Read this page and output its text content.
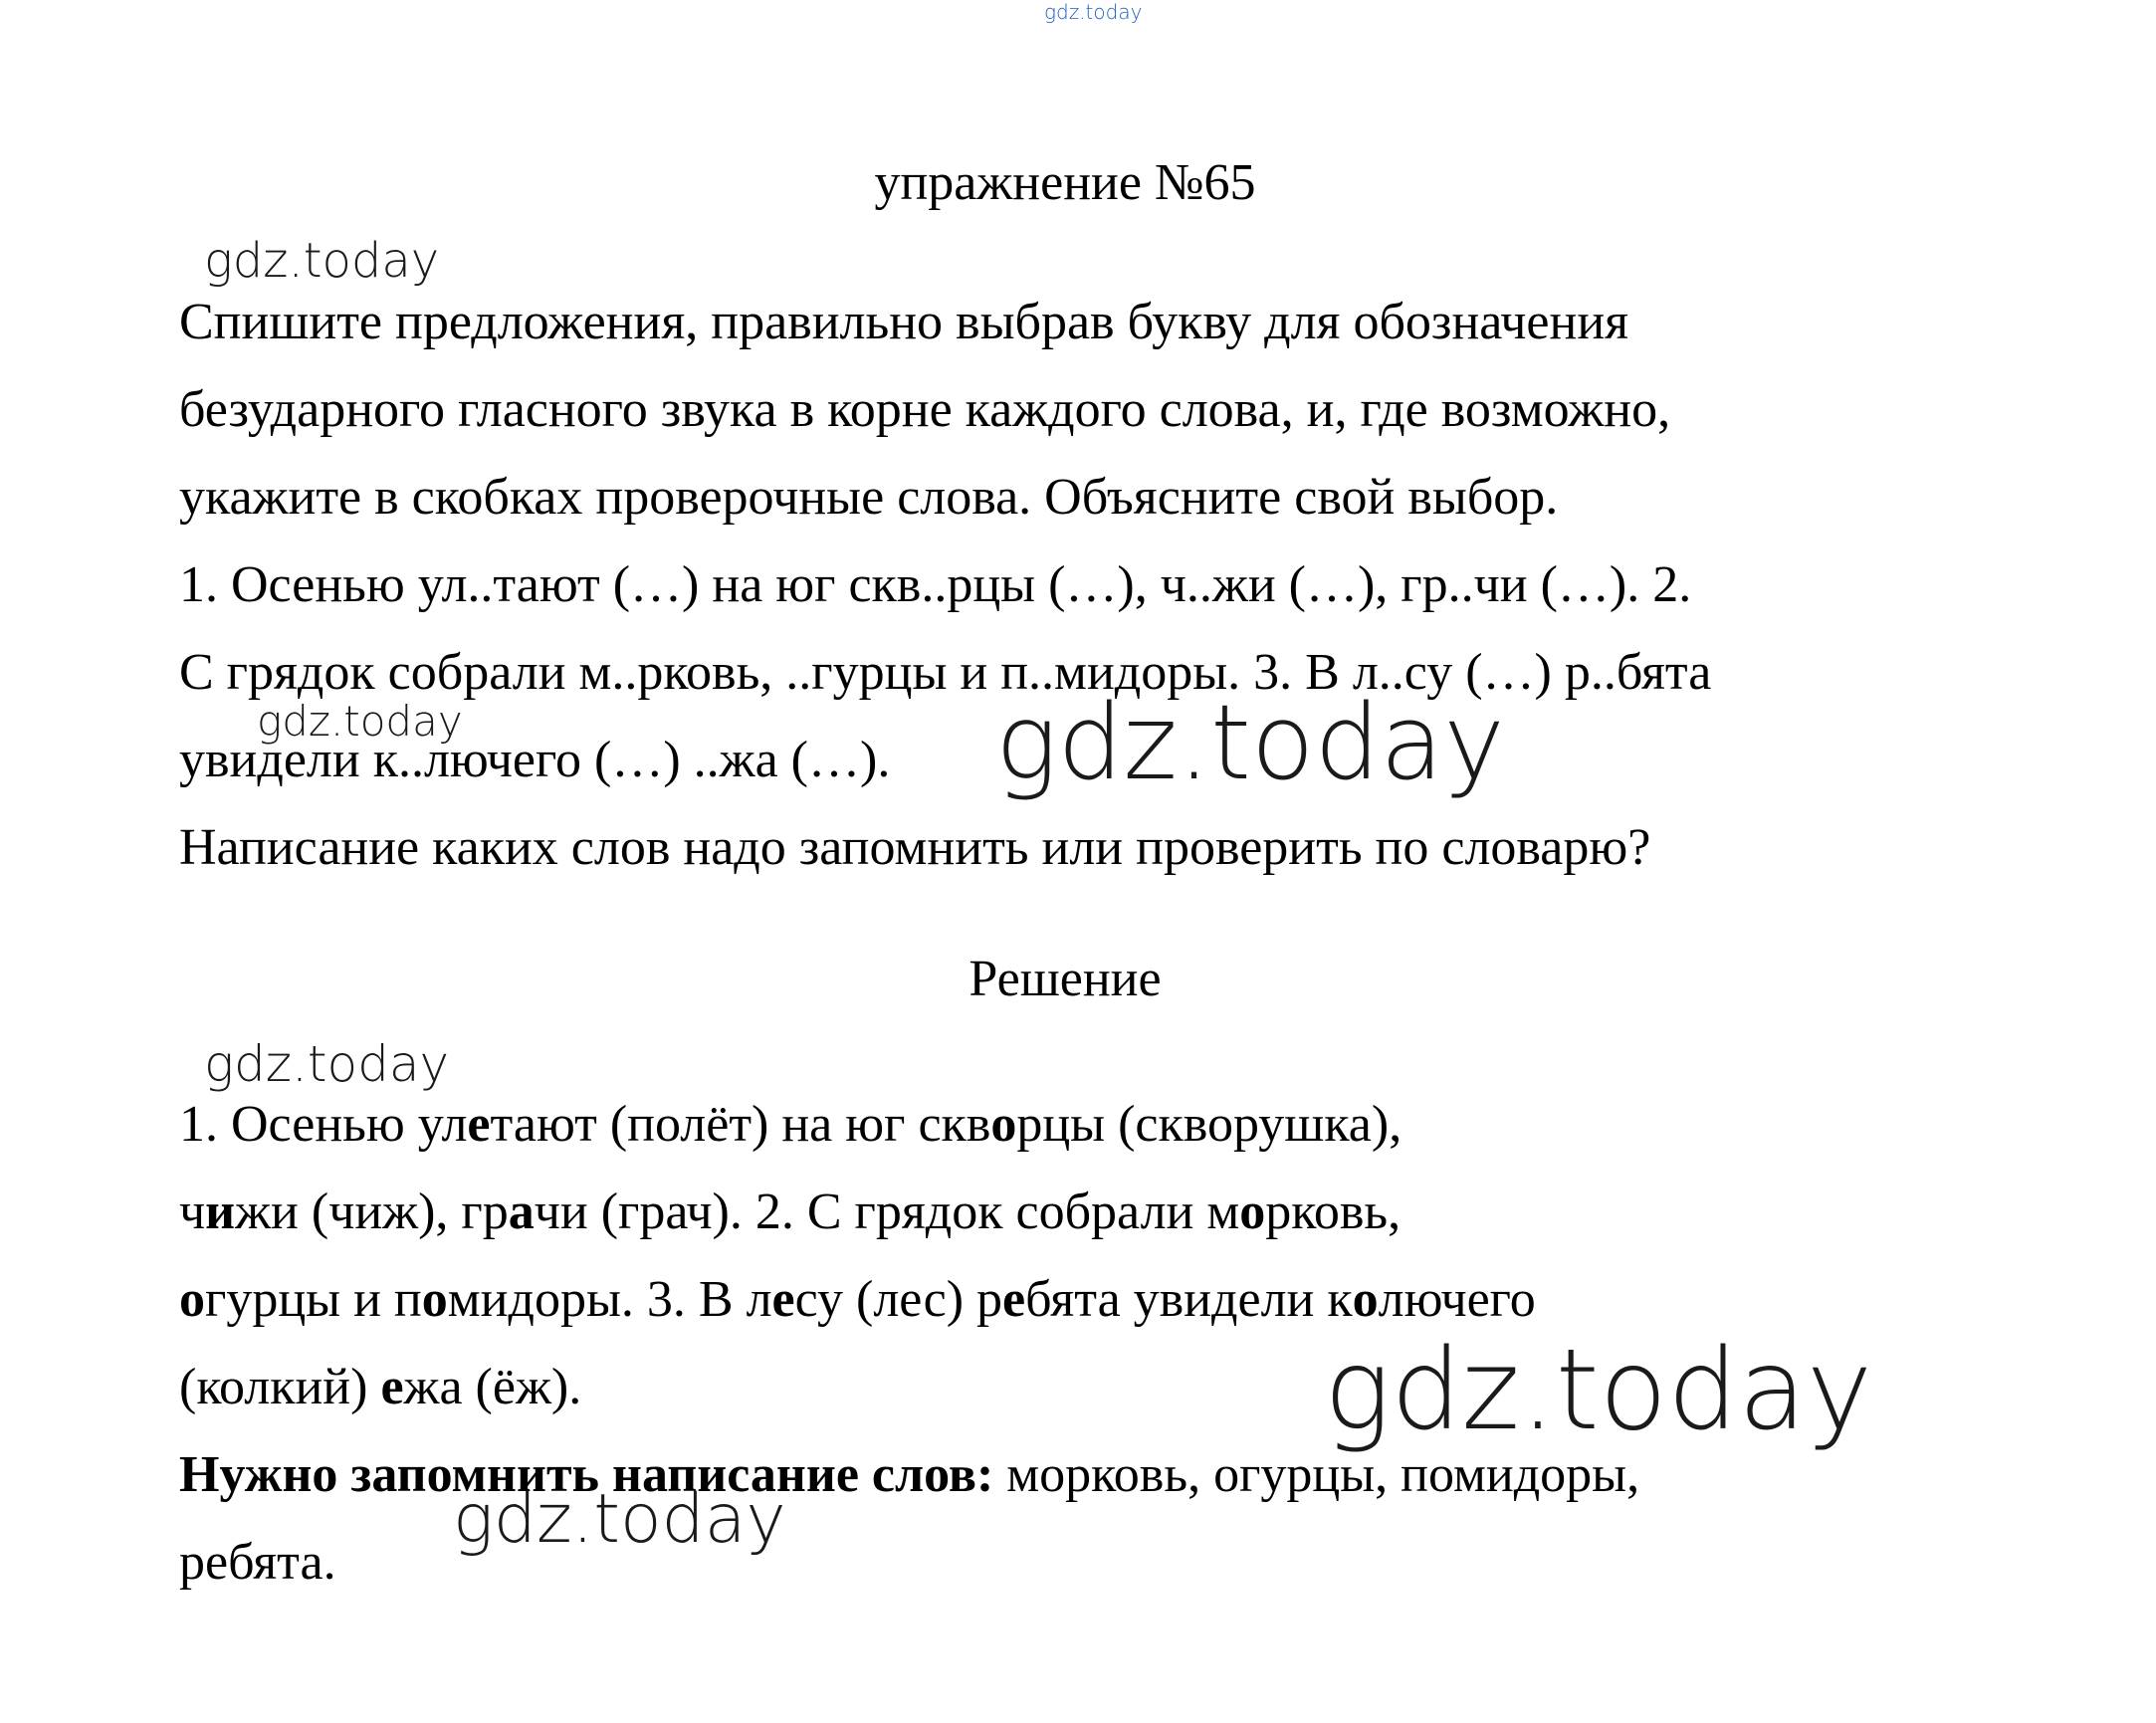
gdz.today
упражнение №65
Спишите предложения, правильно выбрав букву для обозначения
безударного гласного звука в корне каждого слова, и, где возможно,
укажите в скобках проверочные слова. Объясните свой выбор.
1. Осенью ул..тают (…) на юг скв..рцы (…), ч..жи (…), гр..чи (…). 2.
С грядок собрали м..рковь, ..гурцы и п..мидоры. 3. В л..су (…) р..бята
увидели к..лючего (…) ..жа (…).
Написание каких слов надо запомнить или проверить по словарю?
Решение
1. Осенью улетают (полёт) на юг скворцы (скворушка),
чижи (чиж), грачи (грач). 2. С грядок собрали морковь,
огурцы и помидоры. 3. В лесу (лес) ребята увидели колючего
(колкий) ежа (ёж).
Нужно запомнить написание слов: морковь, огурцы, помидоры,
ребята.
gdz.today
gdz.today	gdz.today
gdz.today
gdz.today
gdz.today
